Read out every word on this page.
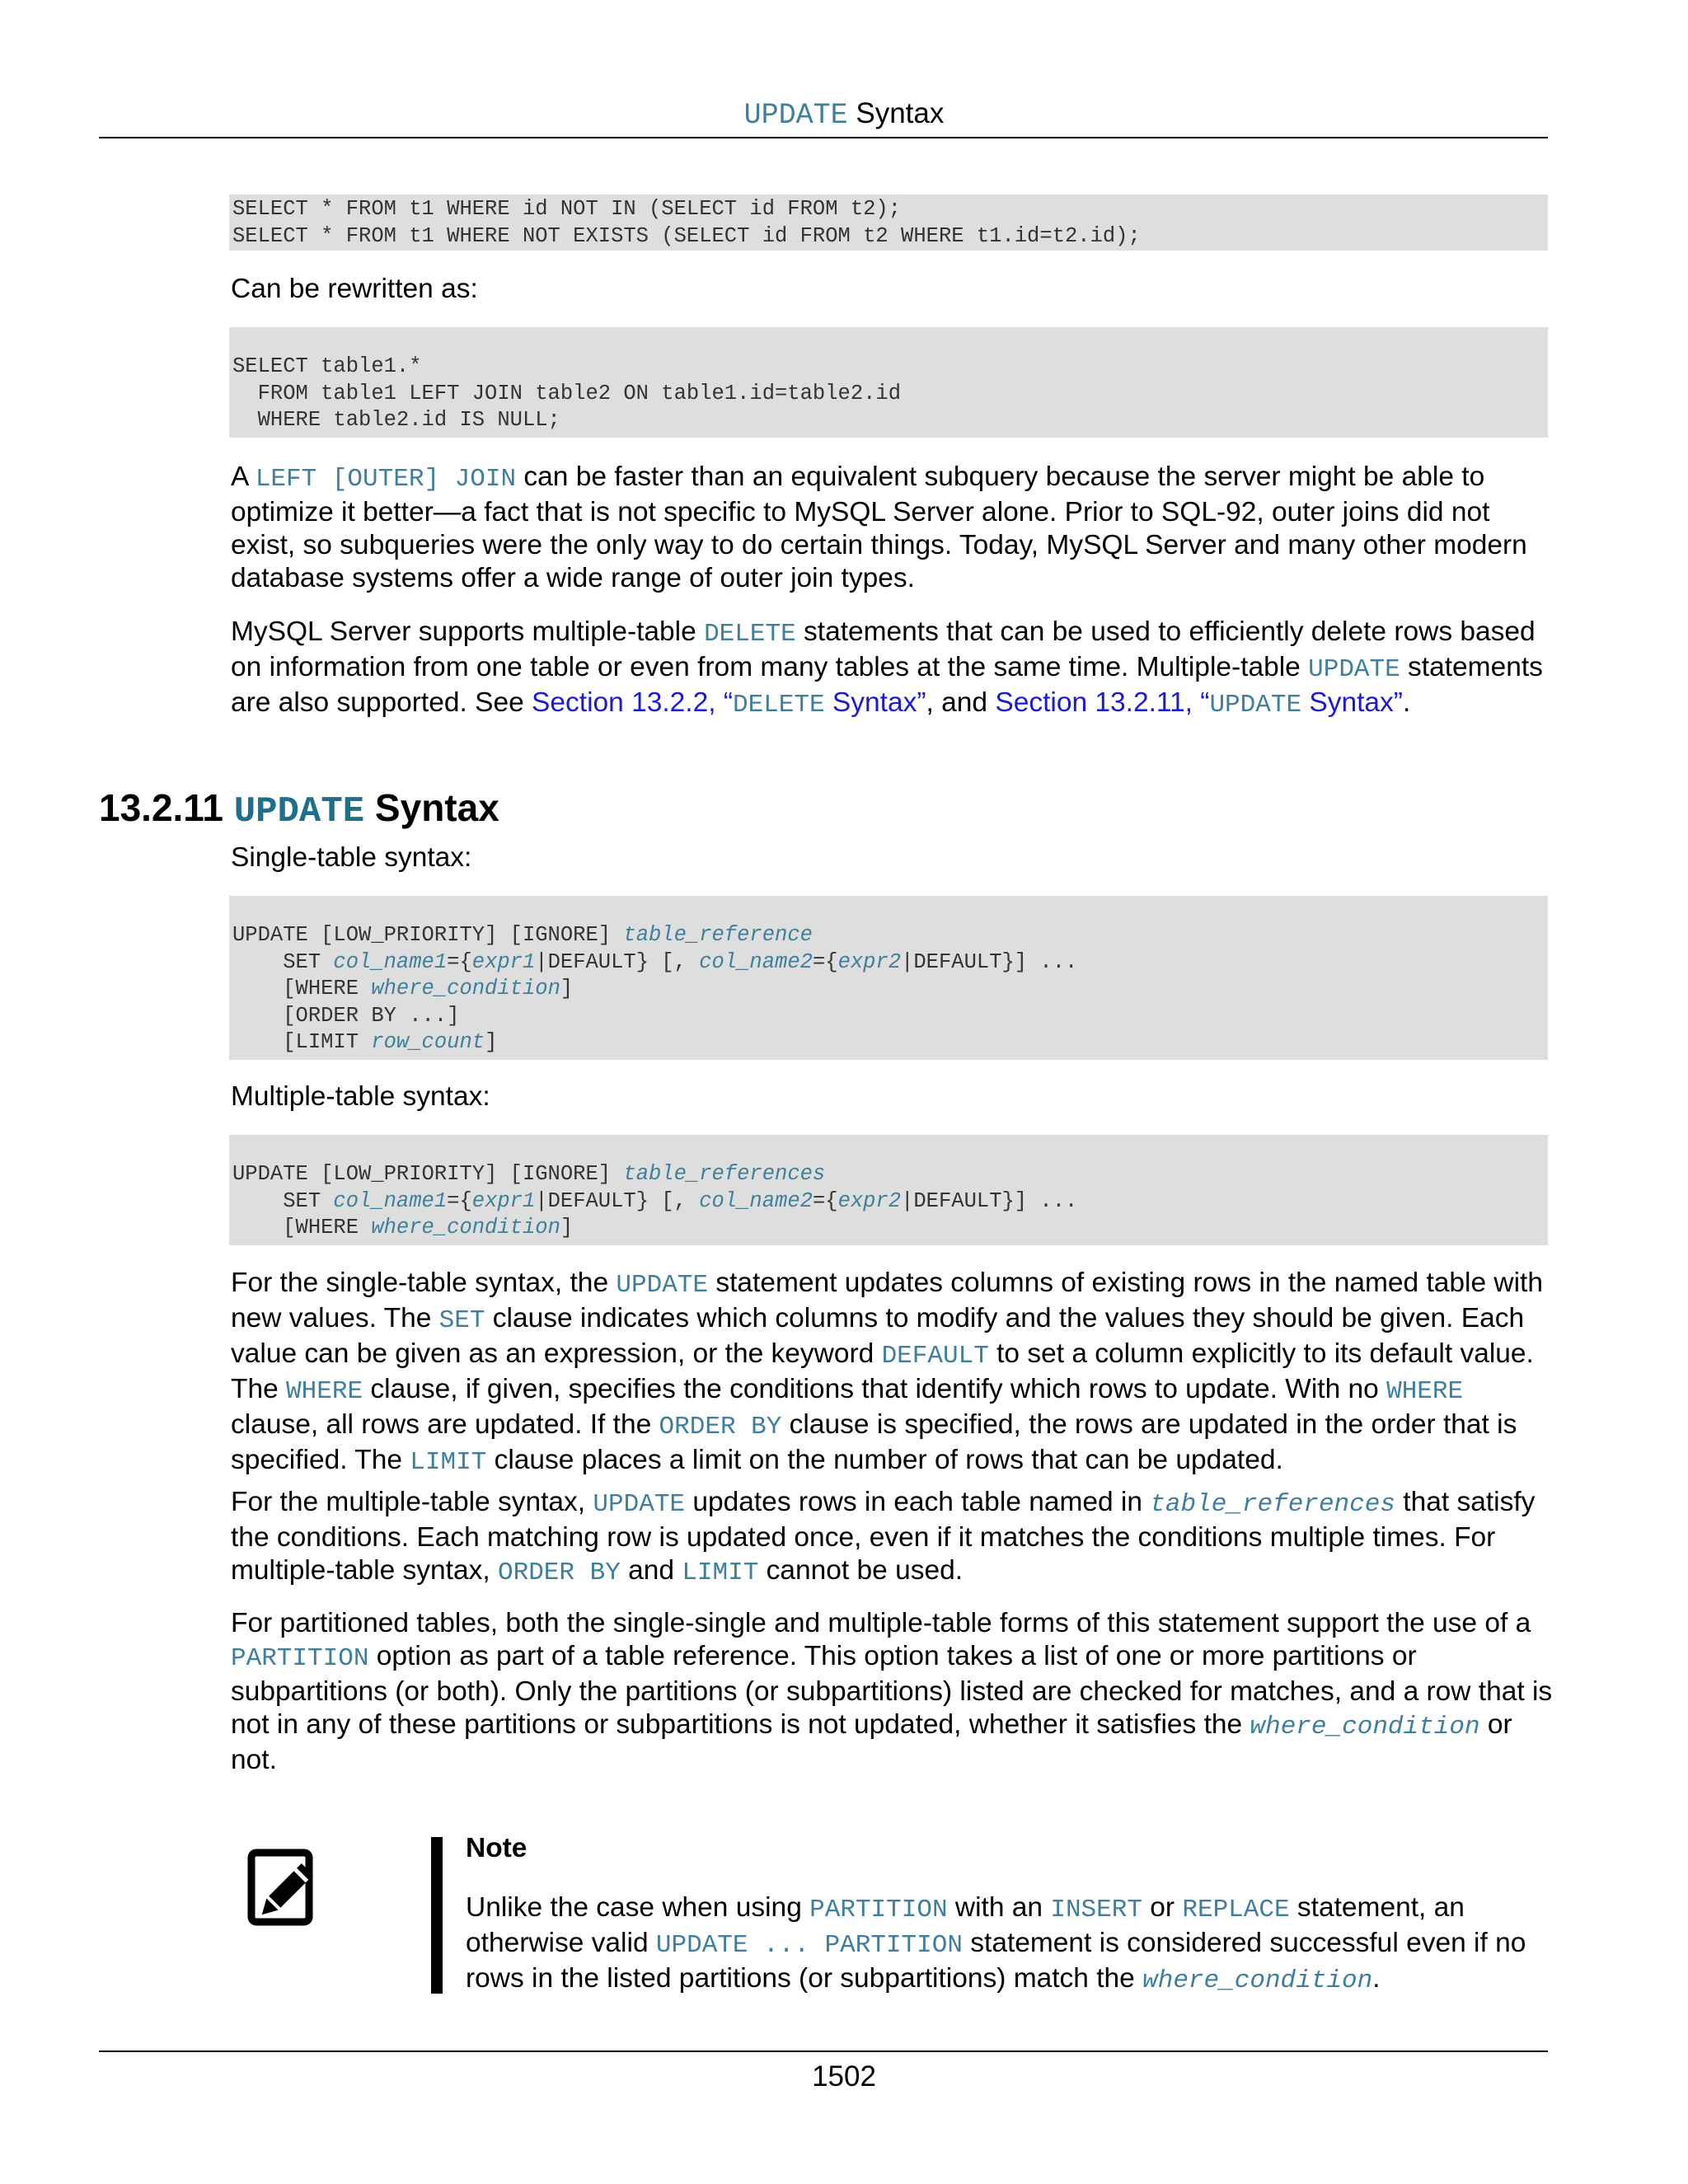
UPDATE Syntax
SELECT * FROM t1 WHERE id NOT IN (SELECT id FROM t2);
SELECT * FROM t1 WHERE NOT EXISTS (SELECT id FROM t2 WHERE t1.id=t2.id);

Can be rewritten as:

SELECT table1.*
FROM table1 LEFT JOIN table2 ON table1.id=table2.id
WHERE table2.id IS NULL;

A LEFT [OUTER] JOIN can be faster than an equivalent subquery because the server might be able to optimize it better—a fact that is not specific to MySQL Server alone. Prior to SQL-92, outer joins did not exist, so subqueries were the only way to do certain things. Today, MySQL Server and many other modern database systems offer a wide range of outer join types.

MySQL Server supports multiple-table DELETE statements that can be used to efficiently delete rows based on information from one table or even from many tables at the same time. Multiple-table UPDATE statements are also supported. See Section 13.2.2, “DELETE Syntax”, and Section 13.2.11, “UPDATE Syntax”.

13.2.11 UPDATE Syntax

Single-table syntax:

UPDATE [LOW_PRIORITY] [IGNORE] table_reference
SET col_name1={expr1|DEFAULT} [, col_name2={expr2|DEFAULT}] ...
[WHERE where_condition]
[ORDER BY ...]
[LIMIT row_count]

Multiple-table syntax:

UPDATE [LOW_PRIORITY] [IGNORE] table_references
SET col_name1={expr1|DEFAULT} [, col_name2={expr2|DEFAULT}] ...
[WHERE where_condition]

For the single-table syntax, the UPDATE statement updates columns of existing rows in the named table with new values. The SET clause indicates which columns to modify and the values they should be given. Each value can be given as an expression, or the keyword DEFAULT to set a column explicitly to its default value. The WHERE clause, if given, specifies the conditions that identify which rows to update. With no WHERE clause, all rows are updated. If the ORDER BY clause is specified, the rows are updated in the order that is specified. The LIMIT clause places a limit on the number of rows that can be updated.

For the multiple-table syntax, UPDATE updates rows in each table named in table_references that satisfy the conditions. Each matching row is updated once, even if it matches the conditions multiple times. For multiple-table syntax, ORDER BY and LIMIT cannot be used.

For partitioned tables, both the single-single and multiple-table forms of this statement support the use of a PARTITION option as part of a table reference. This option takes a list of one or more partitions or subpartitions (or both). Only the partitions (or subpartitions) listed are checked for matches, and a row that is not in any of these partitions or subpartitions is not updated, whether it satisfies the where_condition or not.

Note

Unlike the case when using PARTITION with an INSERT or REPLACE statement, an otherwise valid UPDATE ... PARTITION statement is considered successful even if no rows in the listed partitions (or subpartitions) match the where_condition.

1502
